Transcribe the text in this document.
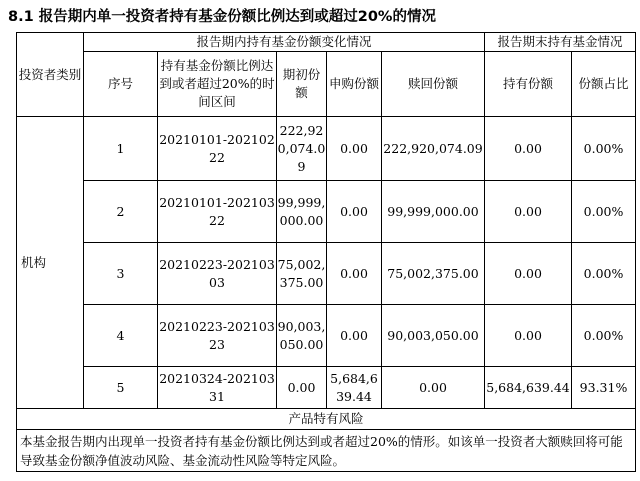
8.1 报告期内单一投资者持有基金份额比例达到或超过20%的情况
投资者类别	报告期内持有基金份额变化情况					报告期末持有基金情况	
	序号	持有基金份额比例达到或者超过20%的时间区间	期初份额	申购份额	赎回份额	持有份额	份额占比
机构	1	20210101-20210222	222,920,074.09	0.00	222,920,074.09	0.00	0.00%
	2	20210101-20210322	99,999,000.00	0.00	99,999,000.00	0.00	0.00%
	3	20210223-20210303	75,002,375.00	0.00	75,002,375.00	0.00	0.00%
	4	20210223-20210323	90,003,050.00	0.00	90,003,050.00	0.00	0.00%
	5	20210324-20210331	0.00	5,684,639.44	0.00	5,684,639.44	93.31%
产品特有风险							
本基金报告期内出现单一投资者持有基金份额比例达到或者超过20%的情形。如该单一投资者大额赎回将可能导致基金份额净值波动风险、基金流动性风险等特定风险。							
